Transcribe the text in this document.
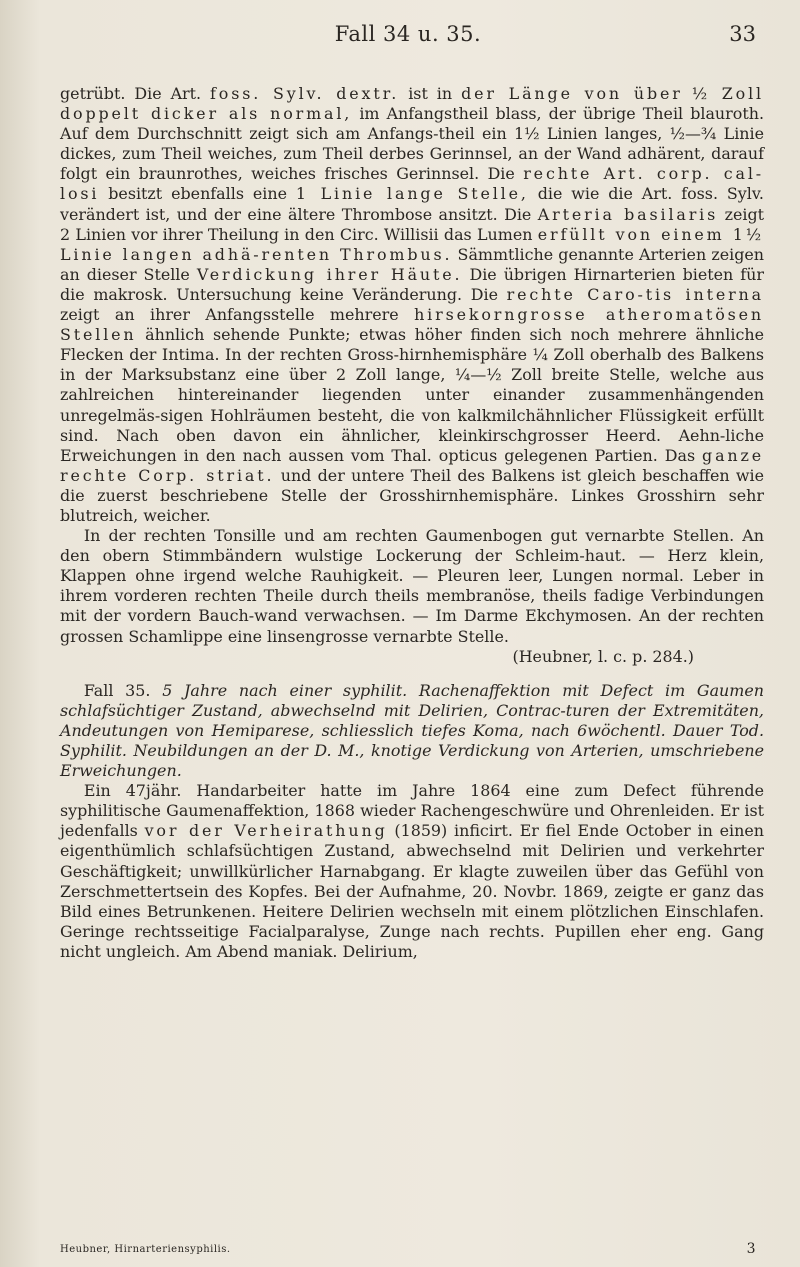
Fall 34 u. 35.	33

getrübt. Die Art. foss. Sylv. dextr. ist in der Länge von über ½ Zoll doppelt dicker als normal, im Anfangstheil blass, der übrige Theil blauroth. Auf dem Durchschnitt zeigt sich am Anfangs-theil ein 1½ Linien langes, ½—¾ Linie dickes, zum Theil weiches, zum Theil derbes Gerinnsel, an der Wand adhärent, darauf folgt ein braunrothes, weiches frisches Gerinnsel. Die rechte Art. corp. cal-losi besitzt ebenfalls eine 1 Linie lange Stelle, die wie die Art. foss. Sylv. verändert ist, und der eine ältere Thrombose ansitzt. Die Arteria basilaris zeigt 2 Linien vor ihrer Theilung in den Circ. Willisii das Lumen erfüllt von einem 1½ Linie langen adhä-renten Thrombus. Sämmtliche genannte Arterien zeigen an dieser Stelle Verdickung ihrer Häute. Die übrigen Hirnarterien bieten für die makrosk. Untersuchung keine Veränderung. Die rechte Caro-tis interna zeigt an ihrer Anfangsstelle mehrere hirsekorngrosse atheromatösen Stellen ähnlich sehende Punkte; etwas höher finden sich noch mehrere ähnliche Flecken der Intima. In der rechten Gross-hirnhemisphäre ¼ Zoll oberhalb des Balkens in der Marksubstanz eine über 2 Zoll lange, ¼—½ Zoll breite Stelle, welche aus zahlreichen hintereinander liegenden unter einander zusammenhängenden unregelmäs-sigen Hohlräumen besteht, die von kalkmilchähnlicher Flüssigkeit erfüllt sind. Nach oben davon ein ähnlicher, kleinkirschgrosser Heerd. Aehn-liche Erweichungen in den nach aussen vom Thal. opticus gelegenen Partien. Das ganze rechte Corp. striat. und der untere Theil des Balkens ist gleich beschaffen wie die zuerst beschriebene Stelle der Grosshirnhemisphäre. Linkes Grosshirn sehr blutreich, weicher.

In der rechten Tonsille und am rechten Gaumenbogen gut vernarbte Stellen. An den obern Stimmbändern wulstige Lockerung der Schleim-haut. — Herz klein, Klappen ohne irgend welche Rauhigkeit. — Pleuren leer, Lungen normal. Leber in ihrem vorderen rechten Theile durch theils membranöse, theils fadige Verbindungen mit der vordern Bauch-wand verwachsen. — Im Darme Ekchymosen. An der rechten grossen Schamlippe eine linsengrosse vernarbte Stelle.

(Heubner, l. c. p. 284.)

Fall 35. 5 Jahre nach einer syphilit. Rachenaffektion mit Defect im Gaumen schlafsüchtiger Zustand, abwechselnd mit Delirien, Contrac-turen der Extremitäten, Andeutungen von Hemiparese, schliesslich tiefes Koma, nach 6wöchentl. Dauer Tod. Syphilit. Neubildungen an der D. M., knotige Verdickung von Arterien, umschriebene Erweichungen.

Ein 47jähr. Handarbeiter hatte im Jahre 1864 eine zum Defect führende syphilitische Gaumenaffektion, 1868 wieder Rachengeschwüre und Ohrenleiden. Er ist jedenfalls vor der Verheirathung (1859) inficirt. Er fiel Ende October in einen eigenthümlich schlafsüchtigen Zustand, abwechselnd mit Delirien und verkehrter Geschäftigkeit; unwillkürlicher Harnabgang. Er klagte zuweilen über das Gefühl von Zerschmettertsein des Kopfes. Bei der Aufnahme, 20. Novbr. 1869, zeigte er ganz das Bild eines Betrunkenen. Heitere Delirien wechseln mit einem plötzlichen Einschlafen. Geringe rechtsseitige Facialparalyse, Zunge nach rechts. Pupillen eher eng. Gang nicht ungleich. Am Abend maniak. Delirium,

Heubner, Hirnarteriensyphilis.	3
